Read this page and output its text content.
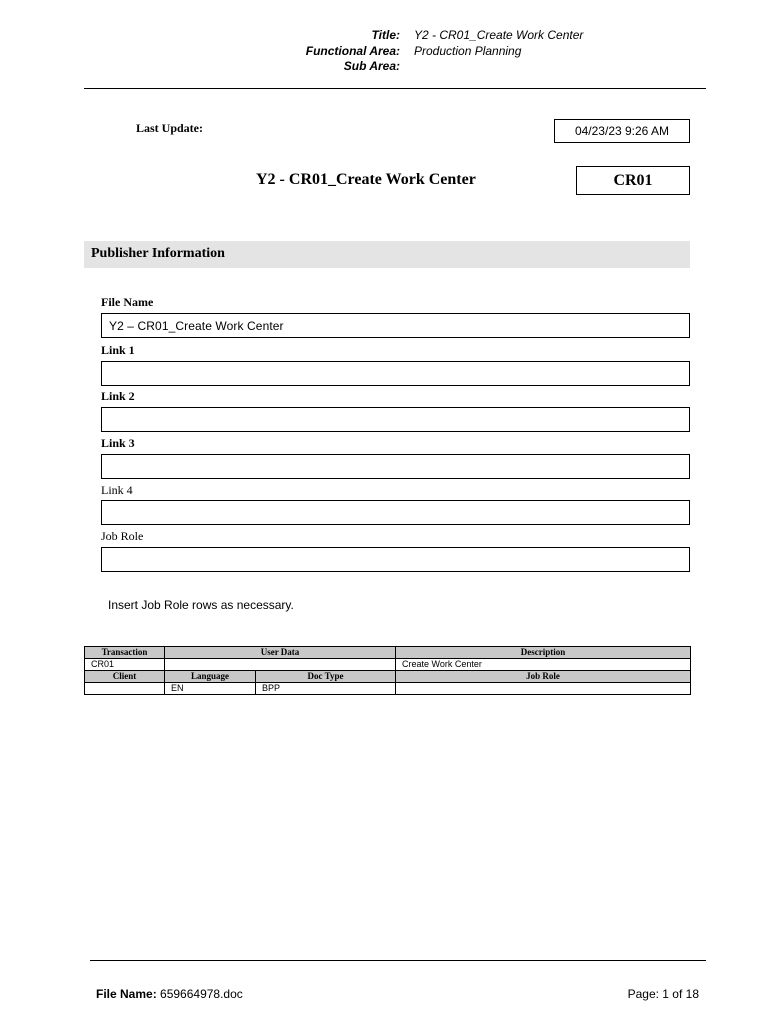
Title: Y2 - CR01_Create Work Center
Functional Area: Production Planning
Sub Area:
Last Update:	04/23/23 9:26 AM
Y2 - CR01_Create Work Center	CR01
Publisher Information
File Name
Y2 – CR01_Create Work Center
Link 1
Link 2
Link 3
Link 4
Job Role
Insert Job Role rows as necessary.
Transaction	User Data		Description
CR01			Create Work Center
Client	Language	Doc Type	Job Role
	EN	BPP	
File Name: 659664978.doc	Page: 1 of 18
